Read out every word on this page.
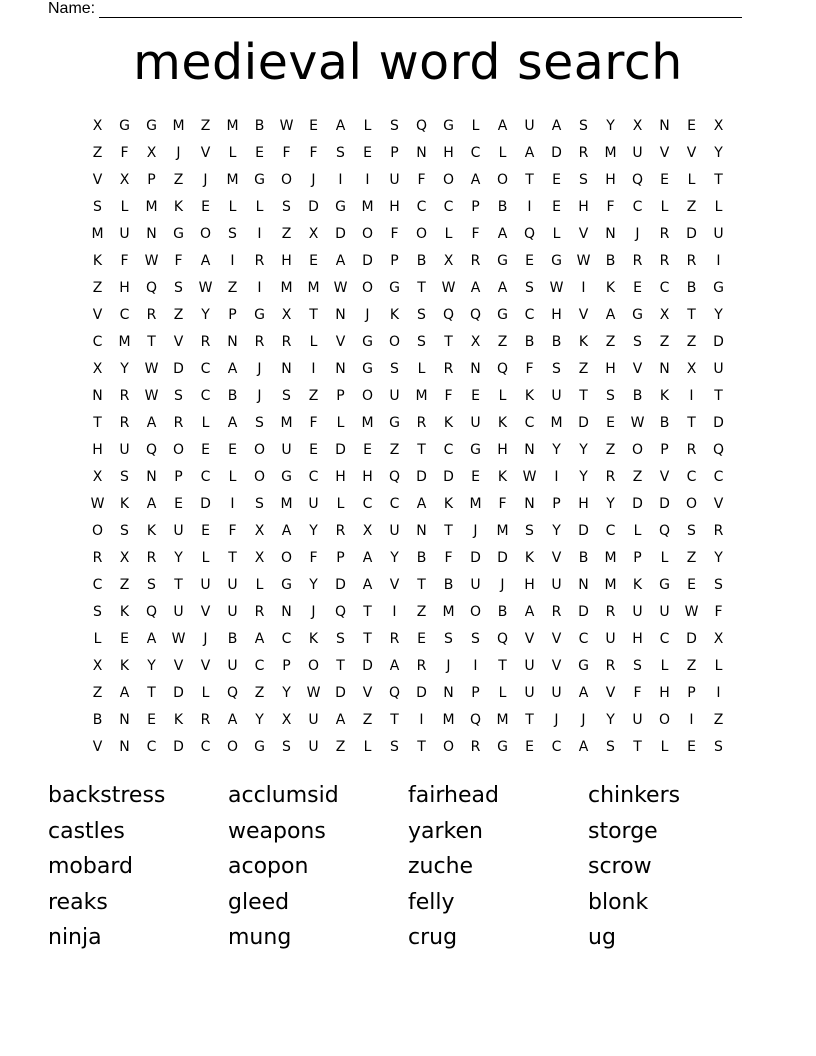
Name:
medieval word search
X	G	G	M	Z	M	B	W	E	A	L	S	Q	G	L	A	U	A	S	Y	X	N	E	X
Z	F	X	J	V	L	E	F	F	S	E	P	N	H	C	L	A	D	R	M	U	V	V	Y
V	X	P	Z	J	M	G	O	J	I	I	U	F	O	A	O	T	E	S	H	Q	E	L	T
S	L	M	K	E	L	L	S	D	G	M	H	C	C	P	B	I	E	H	F	C	L	Z	L
M	U	N	G	O	S	I	Z	X	D	O	F	O	L	F	A	Q	L	V	N	J	R	D	U
K	F	W	F	A	I	R	H	E	A	D	P	B	X	R	G	E	G	W	B	R	R	R	I
Z	H	Q	S	W	Z	I	M	M	W	O	G	T	W	A	A	S	W	I	K	E	C	B	G
V	C	R	Z	Y	P	G	X	T	N	J	K	S	Q	Q	G	C	H	V	A	G	X	T	Y
C	M	T	V	R	N	R	R	L	V	G	O	S	T	X	Z	B	B	K	Z	S	Z	Z	D
X	Y	W	D	C	A	J	N	I	N	G	S	L	R	N	Q	F	S	Z	H	V	N	X	U
N	R	W	S	C	B	J	S	Z	P	O	U	M	F	E	L	K	U	T	S	B	K	I	T
T	R	A	R	L	A	S	M	F	L	M	G	R	K	U	K	C	M	D	E	W	B	T	D
H	U	Q	O	E	E	O	U	E	D	E	Z	T	C	G	H	N	Y	Y	Z	O	P	R	Q
X	S	N	P	C	L	O	G	C	H	H	Q	D	D	E	K	W	I	Y	R	Z	V	C	C
W	K	A	E	D	I	S	M	U	L	C	C	A	K	M	F	N	P	H	Y	D	D	O	V
O	S	K	U	E	F	X	A	Y	R	X	U	N	T	J	M	S	Y	D	C	L	Q	S	R
R	X	R	Y	L	T	X	O	F	P	A	Y	B	F	D	D	K	V	B	M	P	L	Z	Y
C	Z	S	T	U	U	L	G	Y	D	A	V	T	B	U	J	H	U	N	M	K	G	E	S
S	K	Q	U	V	U	R	N	J	Q	T	I	Z	M	O	B	A	R	D	R	U	U	W	F
L	E	A	W	J	B	A	C	K	S	T	R	E	S	S	Q	V	V	C	U	H	C	D	X
X	K	Y	V	V	U	C	P	O	T	D	A	R	J	I	T	U	V	G	R	S	L	Z	L
Z	A	T	D	L	Q	Z	Y	W	D	V	Q	D	N	P	L	U	U	A	V	F	H	P	I
B	N	E	K	R	A	Y	X	U	A	Z	T	I	M	Q	M	T	J	J	Y	U	O	I	Z
V	N	C	D	C	O	G	S	U	Z	L	S	T	O	R	G	E	C	A	S	T	L	E	S
backstress	acclumsid	fairhead	chinkers
castles	weapons	yarken	storge
mobard	acopon	zuche	scrow
reaks	gleed	felly	blonk
ninja	mung	crug	ug
